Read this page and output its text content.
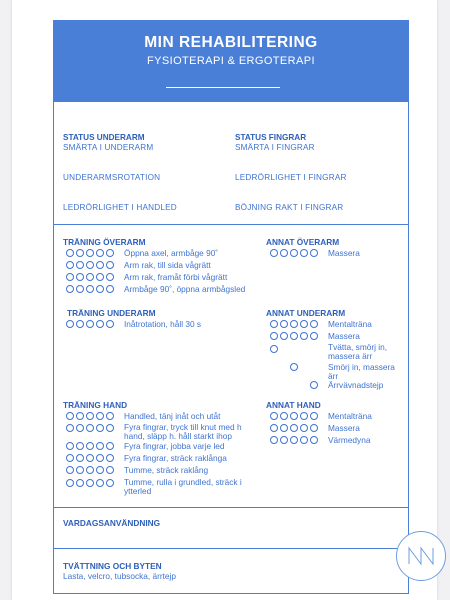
MIN REHABILITERING
FYSIOTERAPI & ERGOTERAPI
STATUS UNDERARM
SMÄRTA I UNDERARM
UNDERARMSROTATION
LEDRÖRLIGHET I HANDLED
STATUS FINGRAR
SMÄRTA I FINGRAR
LEDRÖRLIGHET I FINGRAR
BÖJNING RAKT I FINGRAR
TRÄNING ÖVERARM
Öppna axel, armbåge 90˚
Arm rak, till sida vågrätt
Arm rak, framåt förbi vågrätt
Armbåge 90˚, öppna armbågsled
ANNAT ÖVERARM
Massera
TRÄNING UNDERARM
Inåtrotation, håll 30 s
ANNAT UNDERARM
Mentalträna
Massera
Tvätta, smörj in, massera ärr
Smörj in, massera ärr
Ärrvävnadstejp
TRÄNING HAND
Handled, tänj inåt och utåt
Fyra fingrar, tryck till knut med h hand, släpp h. håll starkt ihop
Fyra fingrar, jobba varje led
Fyra fingrar, sträck raklånga
Tumme, sträck raklång
Tumme, rulla i grundled, sträck i ytterled
ANNAT HAND
Mentalträna
Massera
Värmedyna
VARDAGSANVÄNDNING
TVÄTTNING OCH BYTEN
Lasta, velcro, tubsocka, ärrtejp
